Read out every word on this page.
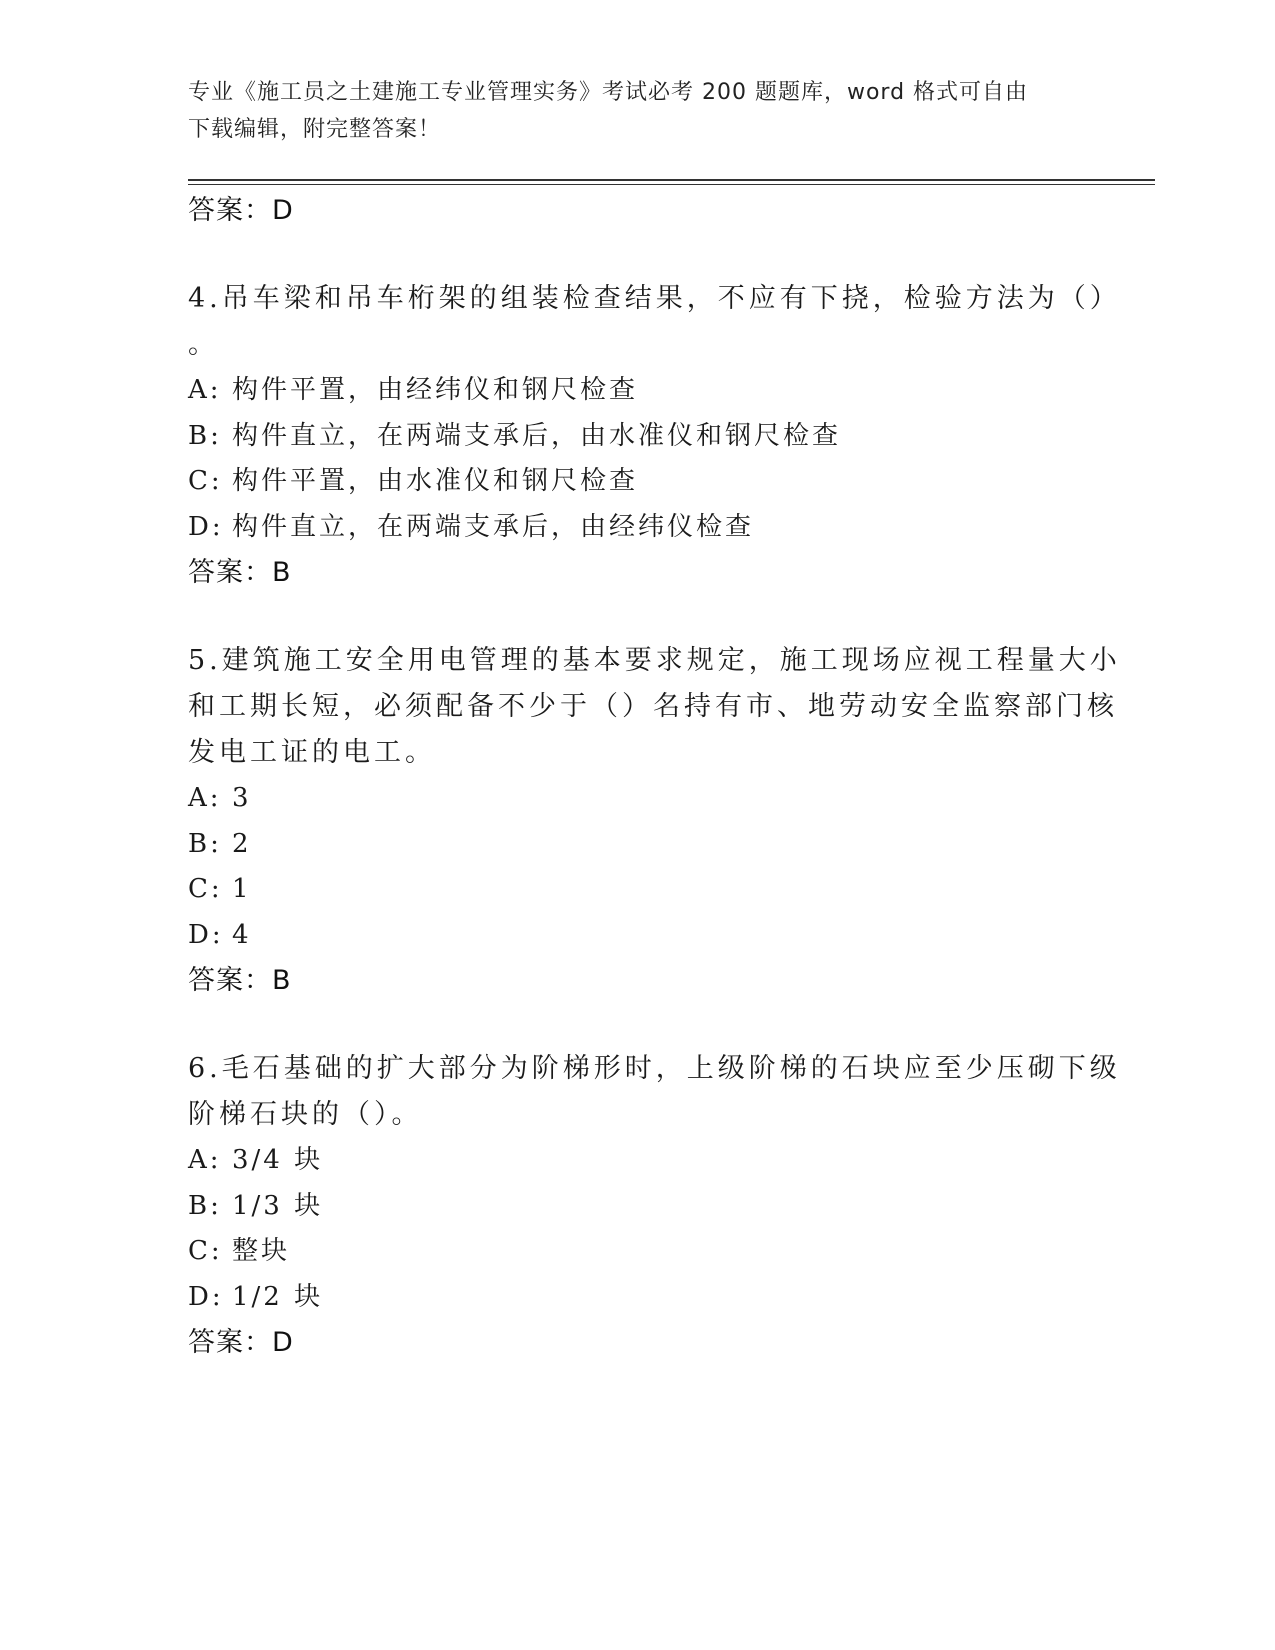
专业《施工员之土建施工专业管理实务》考试必考 200 题题库，word 格式可自由
下载编辑，附完整答案！
答案：D
4.吊车梁和吊车桁架的组装检查结果，不应有下挠，检验方法为（）
。
A: 构件平置，由经纬仪和钢尺检查
B: 构件直立，在两端支承后，由水准仪和钢尺检查
C: 构件平置，由水准仪和钢尺检查
D: 构件直立，在两端支承后，由经纬仪检查
答案：B
5.建筑施工安全用电管理的基本要求规定，施工现场应视工程量大小
和工期长短，必须配备不少于（）名持有市、地劳动安全监察部门核
发电工证的电工。
A: 3
B: 2
C: 1
D: 4
答案：B
6.毛石基础的扩大部分为阶梯形时，上级阶梯的石块应至少压砌下级
阶梯石块的（）。
A: 3/4 块
B: 1/3 块
C: 整块
D: 1/2 块
答案：D
